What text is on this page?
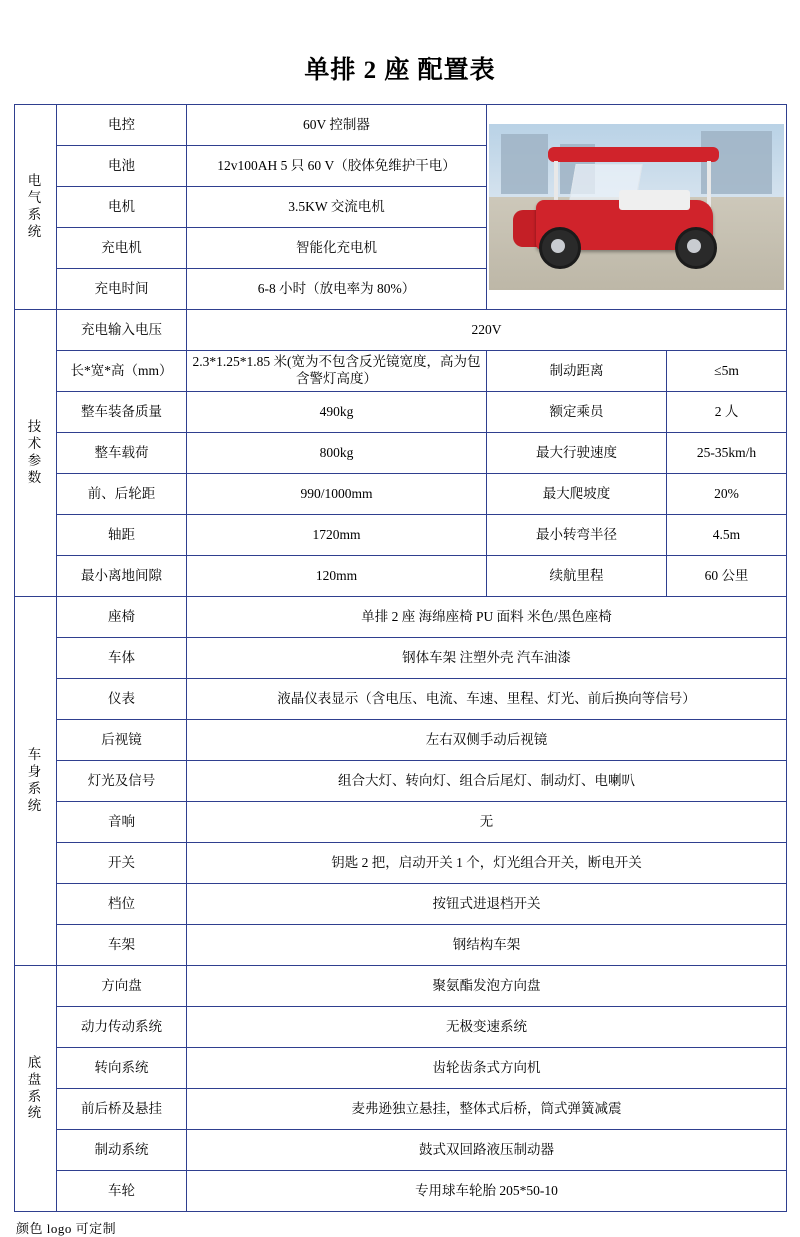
单排 2 座 配置表
电气系统	电控	60V 控制器		

	电池	12v100AH 5 只 60 V（胶体免维护干电）		
	电机	3.5KW 交流电机		
	充电机	智能化充电机		
	充电时间	6-8 小时（放电率为 80%）		
技术参数	充电输入电压	220V		
	长*宽*高（mm）	2.3*1.25*1.85 米(宽为不包含反光镜宽度，高为包含警灯高度）	制动距离	≤5m
	整车装备质量	490kg	额定乘员	2 人
	整车载荷	800kg	最大行驶速度	25-35km/h
	前、后轮距	990/1000mm	最大爬坡度	20%
	轴距	1720mm	最小转弯半径	4.5m
	最小离地间隙	120mm	续航里程	60 公里
车身系统	座椅	单排 2 座 海绵座椅 PU 面料 米色/黑色座椅		
	车体	钢体车架 注塑外壳 汽车油漆		
	仪表	液晶仪表显示（含电压、电流、车速、里程、灯光、前后换向等信号）		
	后视镜	左右双侧手动后视镜		
	灯光及信号	组合大灯、转向灯、组合后尾灯、制动灯、电喇叭		
	音响	无		
	开关	钥匙 2 把，启动开关 1 个，灯光组合开关，断电开关		
	档位	按钮式进退档开关		
	车架	钢结构车架		
底盘系统	方向盘	聚氨酯发泡方向盘		
	动力传动系统	无极变速系统		
	转向系统	齿轮齿条式方向机		
	前后桥及悬挂	麦弗逊独立悬挂，整体式后桥，筒式弹簧减震		
	制动系统	鼓式双回路液压制动器		
	车轮	专用球车轮胎 205*50-10		
颜色 logo 可定制
